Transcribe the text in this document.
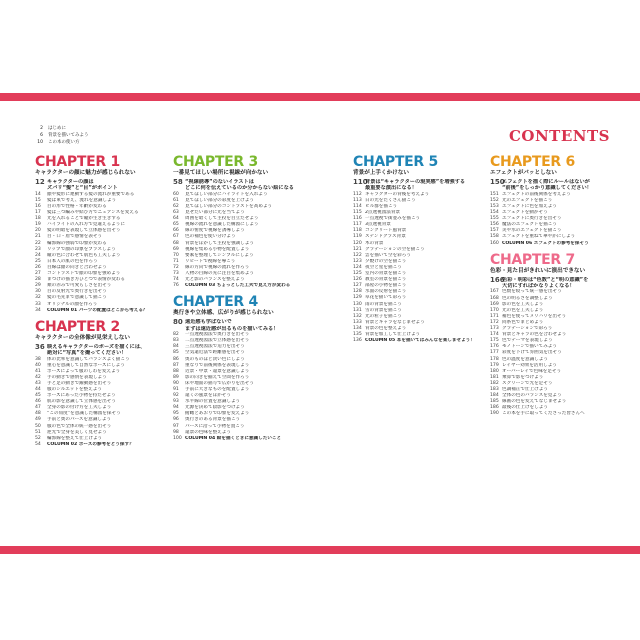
2 はじめに
6 背景を描いてみよう
10 この本の使い方	CONTENTS
CHAPTER 1
キャラクターの顔に魅力が感じられない
12 キャラクターの顔は
ズバリ“髪”と“目”がポイント
14	顔や髪形に連動する髪の流れが重要である
15	髪は束で考え、流れを意識しよう
16	目の形で性格・年齢が変わる
17	髪は三つ編みや結び方でニュアンスを変える
18	光を入れることで瞳が生き生きする
19	ハイライトの入れ方で見違えるように
20	髪の明暗を表現して立体感を出そう
21	目・口・眉で感情を表そう
22	輪郭線の強弱で印象が変わる
23	リップで顔の印象をプラスしよう
24	瞳の色に合わせて肌色も工夫しよう
25	日本人の肌の色を作ろう
26	目線は顔の向きと合わせよう
27	コントラストで顔の印象を強めよう
28	まつげの描き方ひとつで表情が変わる
29	頬の赤みで可愛らしさを出そう
30	目の反射光で奥行きを出そう
32	髪の毛先まで意識して描こう
33	オリジナルの顔を作ろう
34	COLUMN 01 パーツの配置はどこから考える？
CHAPTER 2
キャラクターの全体像が見栄えしない
36 映えるキャラクターのポーズを描くには、
絶対に“写真”を撮ってください！
38	体の比率を意識してバランスよく描こう
40	重心を意識して自然なポーズにしよう
41	ポーズによって服のしわを変えよう
42	手の動きで感情を表現しよう
43	手と足の動きで躍動感を出そう
44	服のシルエットを整えよう
45	ポーズにあった小物を持たせよう
46	肌の影を意識して立体感を出そう
47	全身の影の付け方を工夫しよう
48	“この角度”を意識した構図を探そう
49	手前と奥のパースを意識しよう
50	服の色で全体の統一感を出そう
51	逆光で全身を美しく見せよう
52	輪郭線を整えて仕上げよう
54	COLUMN 02 ポーズの参考をどう探す？
CHAPTER 3
一番見てほしい場所に視線が向かない
58 “視線誘導”のないイラストは
どこに何を伝えているのか分からない絵になる
60	見てほしい部分にハイライトを入れよう
61	見てほしい部分の彩度を上げよう
62	見てほしい部分のコントラストを高めよう
63	見せたい部分に光を当てよう
64	周囲を暗くして主役を目立たせよう
65	視線の流れを意識した構図にしよう
66	線の密度で視線を誘導しよう
67	色の補色を使い分けよう
68	背景をぼかして主役を強調しよう
69	視線を集める小物を配置しよう
70	要素を整理してシンプルにしよう
71	リピートで視線を導こう
72	線の方向で視線の流れを作ろう
73	人物の目線の先に注目を集めよう
74	光と影のバランスを整えよう
76	COLUMN 03 ちょっとした工夫で見え方が変わる
CHAPTER 4
奥行きや立体感、広がりが感じられない
80 遠近感も学ばないで
まずは遠近感が出るものを描いてみる！
82	一点透視図法で奥行きを出そう
83	二点透視図法で立体感を出そう
84	三点透視図法で迫力を出そう
85	空気遠近法で距離感を出そう
86	奥のものほど淡い色にしよう
87	重なりで前後関係を表現しよう
88	近景・中景・遠景を意識しよう
89	影の向きを揃えて空間を作ろう
90	床や地面の描写で広がりを出そう
91	手前に大きなものを配置しよう
92	遠くの風景をぼかそう
93	水平線の位置を意識しよう
94	光源を決めて陰影をつけよう
95	俯瞰とあおりで印象を変えよう
96	奥行きのある背景を描こう
97	パースに沿って小物を置こう
98	遠景の色味を整えよう
100 COLUMN 04 絵を描くときに意識したいこと
CHAPTER 5
背景が上手くかけない
110
背景は“キャラクターの現実感”を増強する
最重要な演出になる！
112 キャラクターの背後を考えよう
113 日の光をたくさん描こう
114 ビル群を描こう
115 2点透視図法背景
116 一点透視で街並みを描こう
117 3点透視背景
118 コンクリート風背景
119 ステンドグラス背景
120 木の背景
121 グラデーションの空を描こう
122 雲を描いて空を彩ろう
123 夕焼けの空を描こう
124 夜空と星を描こう
125 室内の背景を描こう
126 教室の背景を描こう
127 部屋の小物を描こう
128 水面の反射を描こう
129 草花を描いて彩ろう
130 雨の背景を描こう
131 雪の背景を描こう
132 光の粒子を描こう
133 背景とキャラをなじませよう
134 背景の色を整えよう
135 背景を加工して仕上げよう
136 COLUMN 05 本を描いてはみんなを楽しませよう！
CHAPTER 6
エフェクトがパッとしない
150
エフェクトを描く際にルールはないが
“前後”をしっかり意識してください！
151 エフェクトの前後関係を考えよう
152 光のエフェクトを描こう
153 エフェクトに色を加えよう
154 エフェクトを動かそう
155 エフェクトに奥行きを出そう
156 魔法のエフェクトを描こう
157 炎や水のエフェクトを描こう
158 エフェクトを重ねて華やかにしよう
160 COLUMN 06 エフェクトの参考を探そう
CHAPTER 7
色彩・見た目がきれいに演出できない
166
色彩・明彩は“色数”と“明の意識”を
大切にすればかなりよくなる！
167 色数を絞って統一感を出そう
168 色の明るさを調整しよう
169 影の色を工夫しよう
170 光の色を工夫しよう
171 補色を使ってメリハリを出そう
172 同系色でまとめよう
173 グラデーションで彩ろう
174 背景とキャラの色を合わせよう
175 色でテーマを表現しよう
176 モノトーンで描いてみよう
177 彩度を下げて雰囲気を出そう
178 色の温度を意識しよう
179 レイヤー効果を活用しよう
180 オーバーレイで色味を足そう
181 乗算で影をつけよう
182 スクリーンで光を足そう
183 色調補正で仕上げよう
184 全体の色のバランスを見よう
185 線画の色を変えてなじませよう
186 最後の仕上げをしよう
190 この本を手に取ってくださった皆さんへ
